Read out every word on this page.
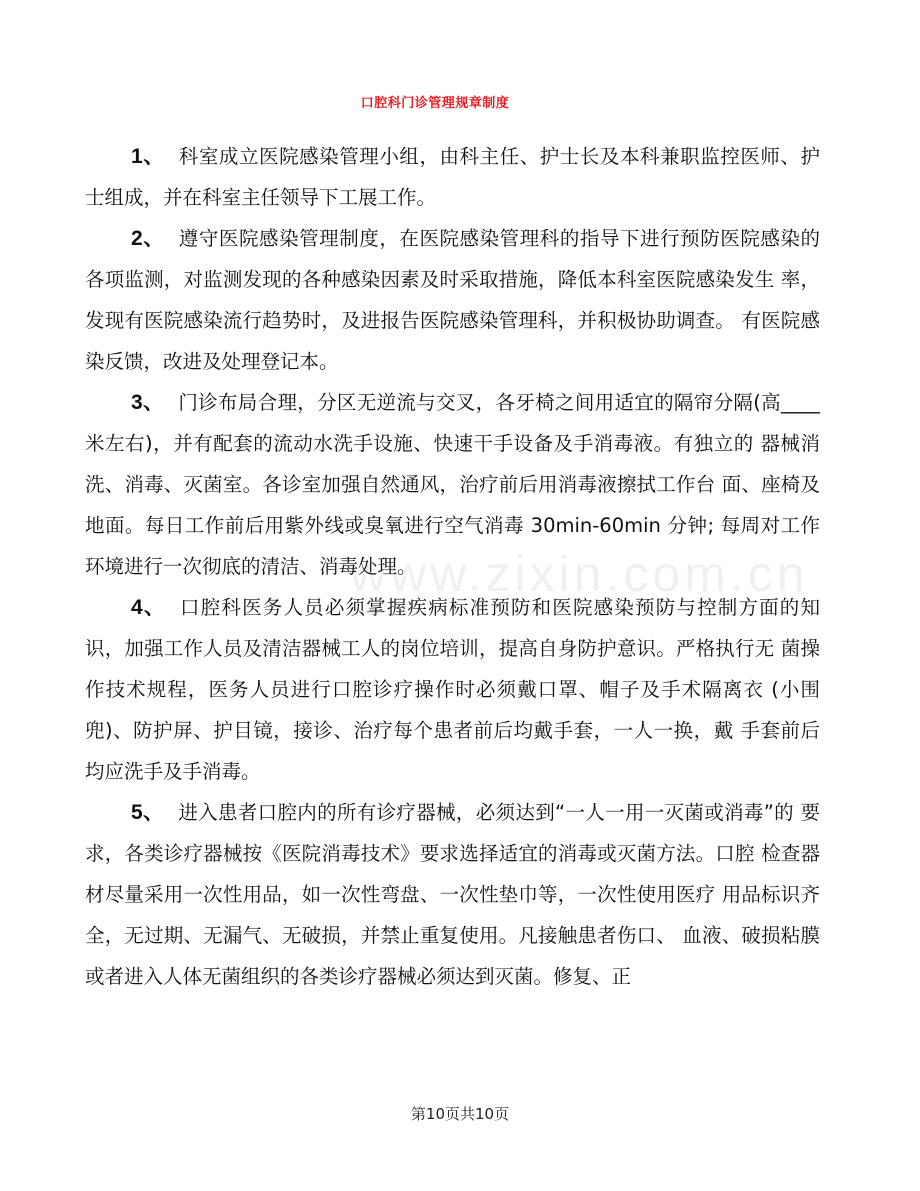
www.zixin.com.cn
口腔科门诊管理规章制度

1、 科室成立医院感染管理小组，由科主任、护士长及本科兼职监控医师、护 士组成，并在科室主任领导下工展工作。

2、 遵守医院感染管理制度，在医院感染管理科的指导下进行预防医院感染的 各项监测，对监测发现的各种感染因素及时采取措施，降低本科室医院感染发生 率，发现有医院感染流行趋势时，及进报告医院感染管理科，并积极协助调查。 有医院感染反馈，改进及处理登记本。

3、 门诊布局合理，分区无逆流与交叉，各牙椅之间用适宜的隔帘分隔(高____米左右)，并有配套的流动水洗手设施、快速干手设备及手消毒液。有独立的 器械消洗、消毒、灭菌室。各诊室加强自然通风，治疗前后用消毒液擦拭工作台 面、座椅及地面。每日工作前后用紫外线或臭氧进行空气消毒 30min-60min 分钟; 每周对工作环境进行一次彻底的清洁、消毒处理。

4、 口腔科医务人员必须掌握疾病标准预防和医院感染预防与控制方面的知 识，加强工作人员及清洁器械工人的岗位培训，提高自身防护意识。严格执行无 菌操作技术规程，医务人员进行口腔诊疗操作时必须戴口罩、帽子及手术隔离衣 (小围兜)、防护屏、护目镜，接诊、治疗每个患者前后均戴手套，一人一换，戴 手套前后均应洗手及手消毒。

5、 进入患者口腔内的所有诊疗器械，必须达到“一人一用一灭菌或消毒”的 要求，各类诊疗器械按《医院消毒技术》要求选择适宜的消毒或灭菌方法。口腔 检查器材尽量采用一次性用品，如一次性弯盘、一次性垫巾等，一次性使用医疗 用品标识齐全，无过期、无漏气、无破损，并禁止重复使用。凡接触患者伤口、 血液、破损粘膜或者进入人体无菌组织的各类诊疗器械必须达到灭菌。修复、正

第10页共10页
